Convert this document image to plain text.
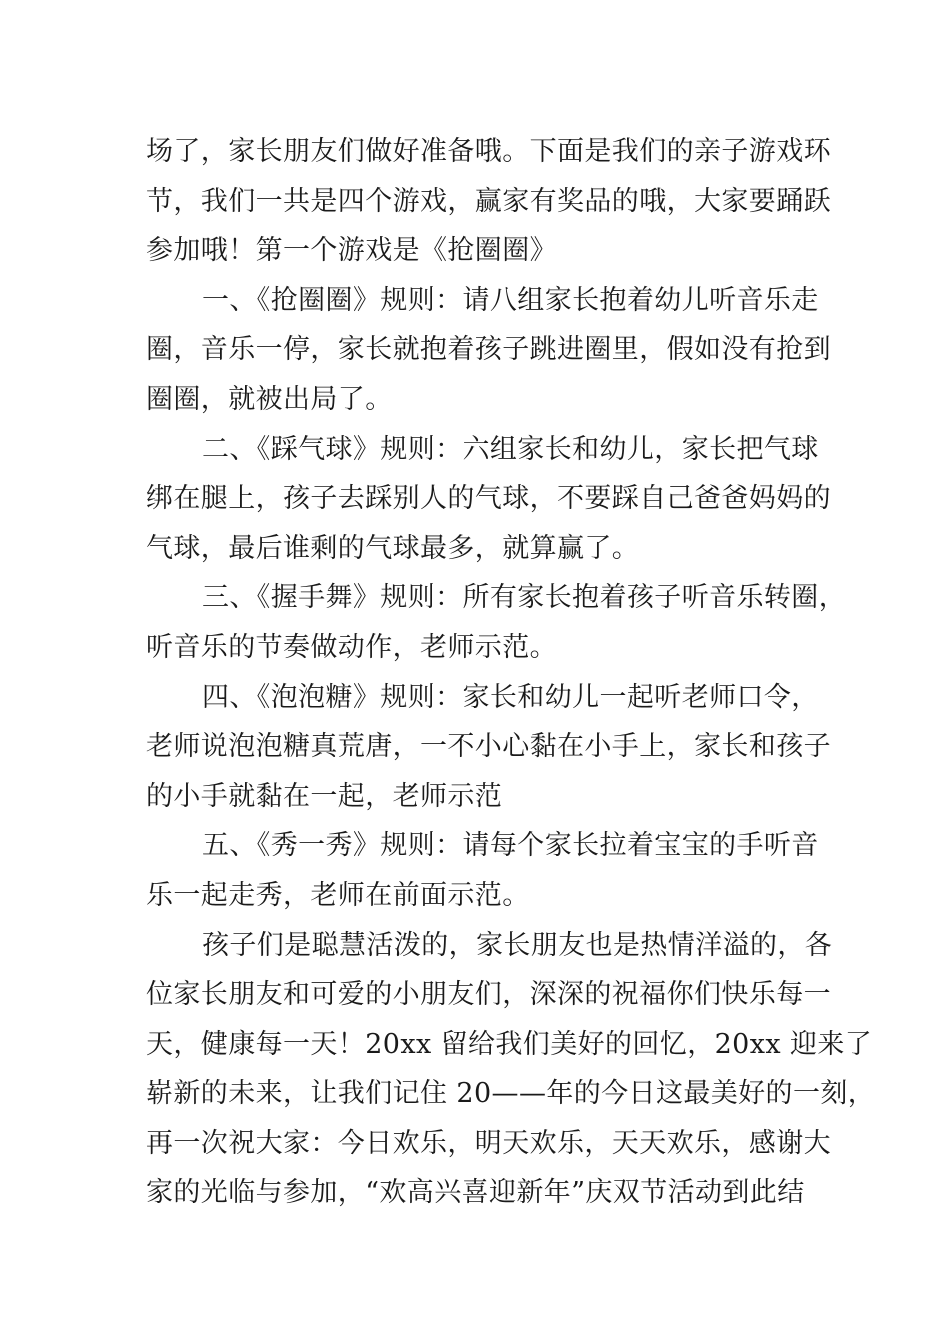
场了，家长朋友们做好准备哦。下面是我们的亲子游戏环
节，我们一共是四个游戏，赢家有奖品的哦，大家要踊跃
参加哦！第一个游戏是《抢圈圈》
一、《抢圈圈》规则：请八组家长抱着幼儿听音乐走
圈，音乐一停，家长就抱着孩子跳进圈里，假如没有抢到
圈圈，就被出局了。
二、《踩气球》规则：六组家长和幼儿，家长把气球
绑在腿上，孩子去踩别人的气球，不要踩自己爸爸妈妈的
气球，最后谁剩的气球最多，就算赢了。
三、《握手舞》规则：所有家长抱着孩子听音乐转圈，
听音乐的节奏做动作，老师示范。
四、《泡泡糖》规则：家长和幼儿一起听老师口令，
老师说泡泡糖真荒唐，一不小心黏在小手上，家长和孩子
的小手就黏在一起，老师示范
五、《秀一秀》规则：请每个家长拉着宝宝的手听音
乐一起走秀，老师在前面示范。
孩子们是聪慧活泼的，家长朋友也是热情洋溢的，各
位家长朋友和可爱的小朋友们，深深的祝福你们快乐每一
天，健康每一天！20xx 留给我们美好的回忆，20xx 迎来了
崭新的未来，让我们记住 20——年的今日这最美好的一刻，
再一次祝大家：今日欢乐，明天欢乐，天天欢乐，感谢大
家的光临与参加，“欢高兴喜迎新年”庆双节活动到此结
